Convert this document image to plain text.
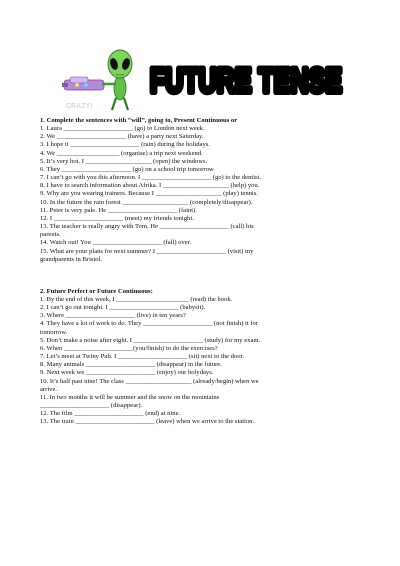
CRAZY!
FUTURE TENSE
FUTURE TENSE
1. Complete the sentences with “will”, going to, Present Continuous or
1. Laura _____________________ (go) to London next week.
2. We _____________________ (have) a party next Saturday.
3. I hope it _____________________ (rain) during the holidays.
4. We ___________________ (organise) a trip next weekend.
5. It’s very hot. I ____________________ (open) the windows.
6. They _____________________ (go) on a school trip tomorrow.
7. I can’t go with you this afternoon. I _____________________ (go) to the dentist.
8. I have to search information about Afrika. I ____________________ (help) you.
9. Why are you wearing trainers. Because I ____________________ (play) tennis.
10. In the future the rain forest ____________________ (completely/disappear).
11. Peter is very pale. He _____________________ (faint).
12. I _____________________ (meet) my friends tonight.
13. The teacher is really angry with Tom. He _____________________ (call) his
parents.
14. Watch out! You _____________________ (fall) over.
15. What are your plans for next summer? I _____________________ (visit) my
grandparents in Bristol.
2. Future Perfect or Future Continuous:
1. By the end of this week, I ______________________ (read) the book.
2. I can’t go out tonight. I _____________________ (babysit).
3. Where _____________________ (live) in ten years?
4. They have a lot of work to do. They _____________________ (not finish) it for
tomorrow.
5. Don’t make a noise after eight. I _____________________ (study) for my exam.
6. When _____________________(you/finish) to do the exercises?
7. Let’s meet at Twiny Pub. I _____________________ (sit) next to the door.
8. Many animals _____________________ (disappear) in the future.
9. Next week we _____________________ (enjoy) our holydays.
10. It’s half past nine! The class ____________________ (already/begin) when we
arrive.
11. In two months it will be summer and the snow on the mountains
_____________________ (disappear).
12. The film _____________________ (end) at nine.
13. The train ________________________ (leave) when we arrive to the station.
